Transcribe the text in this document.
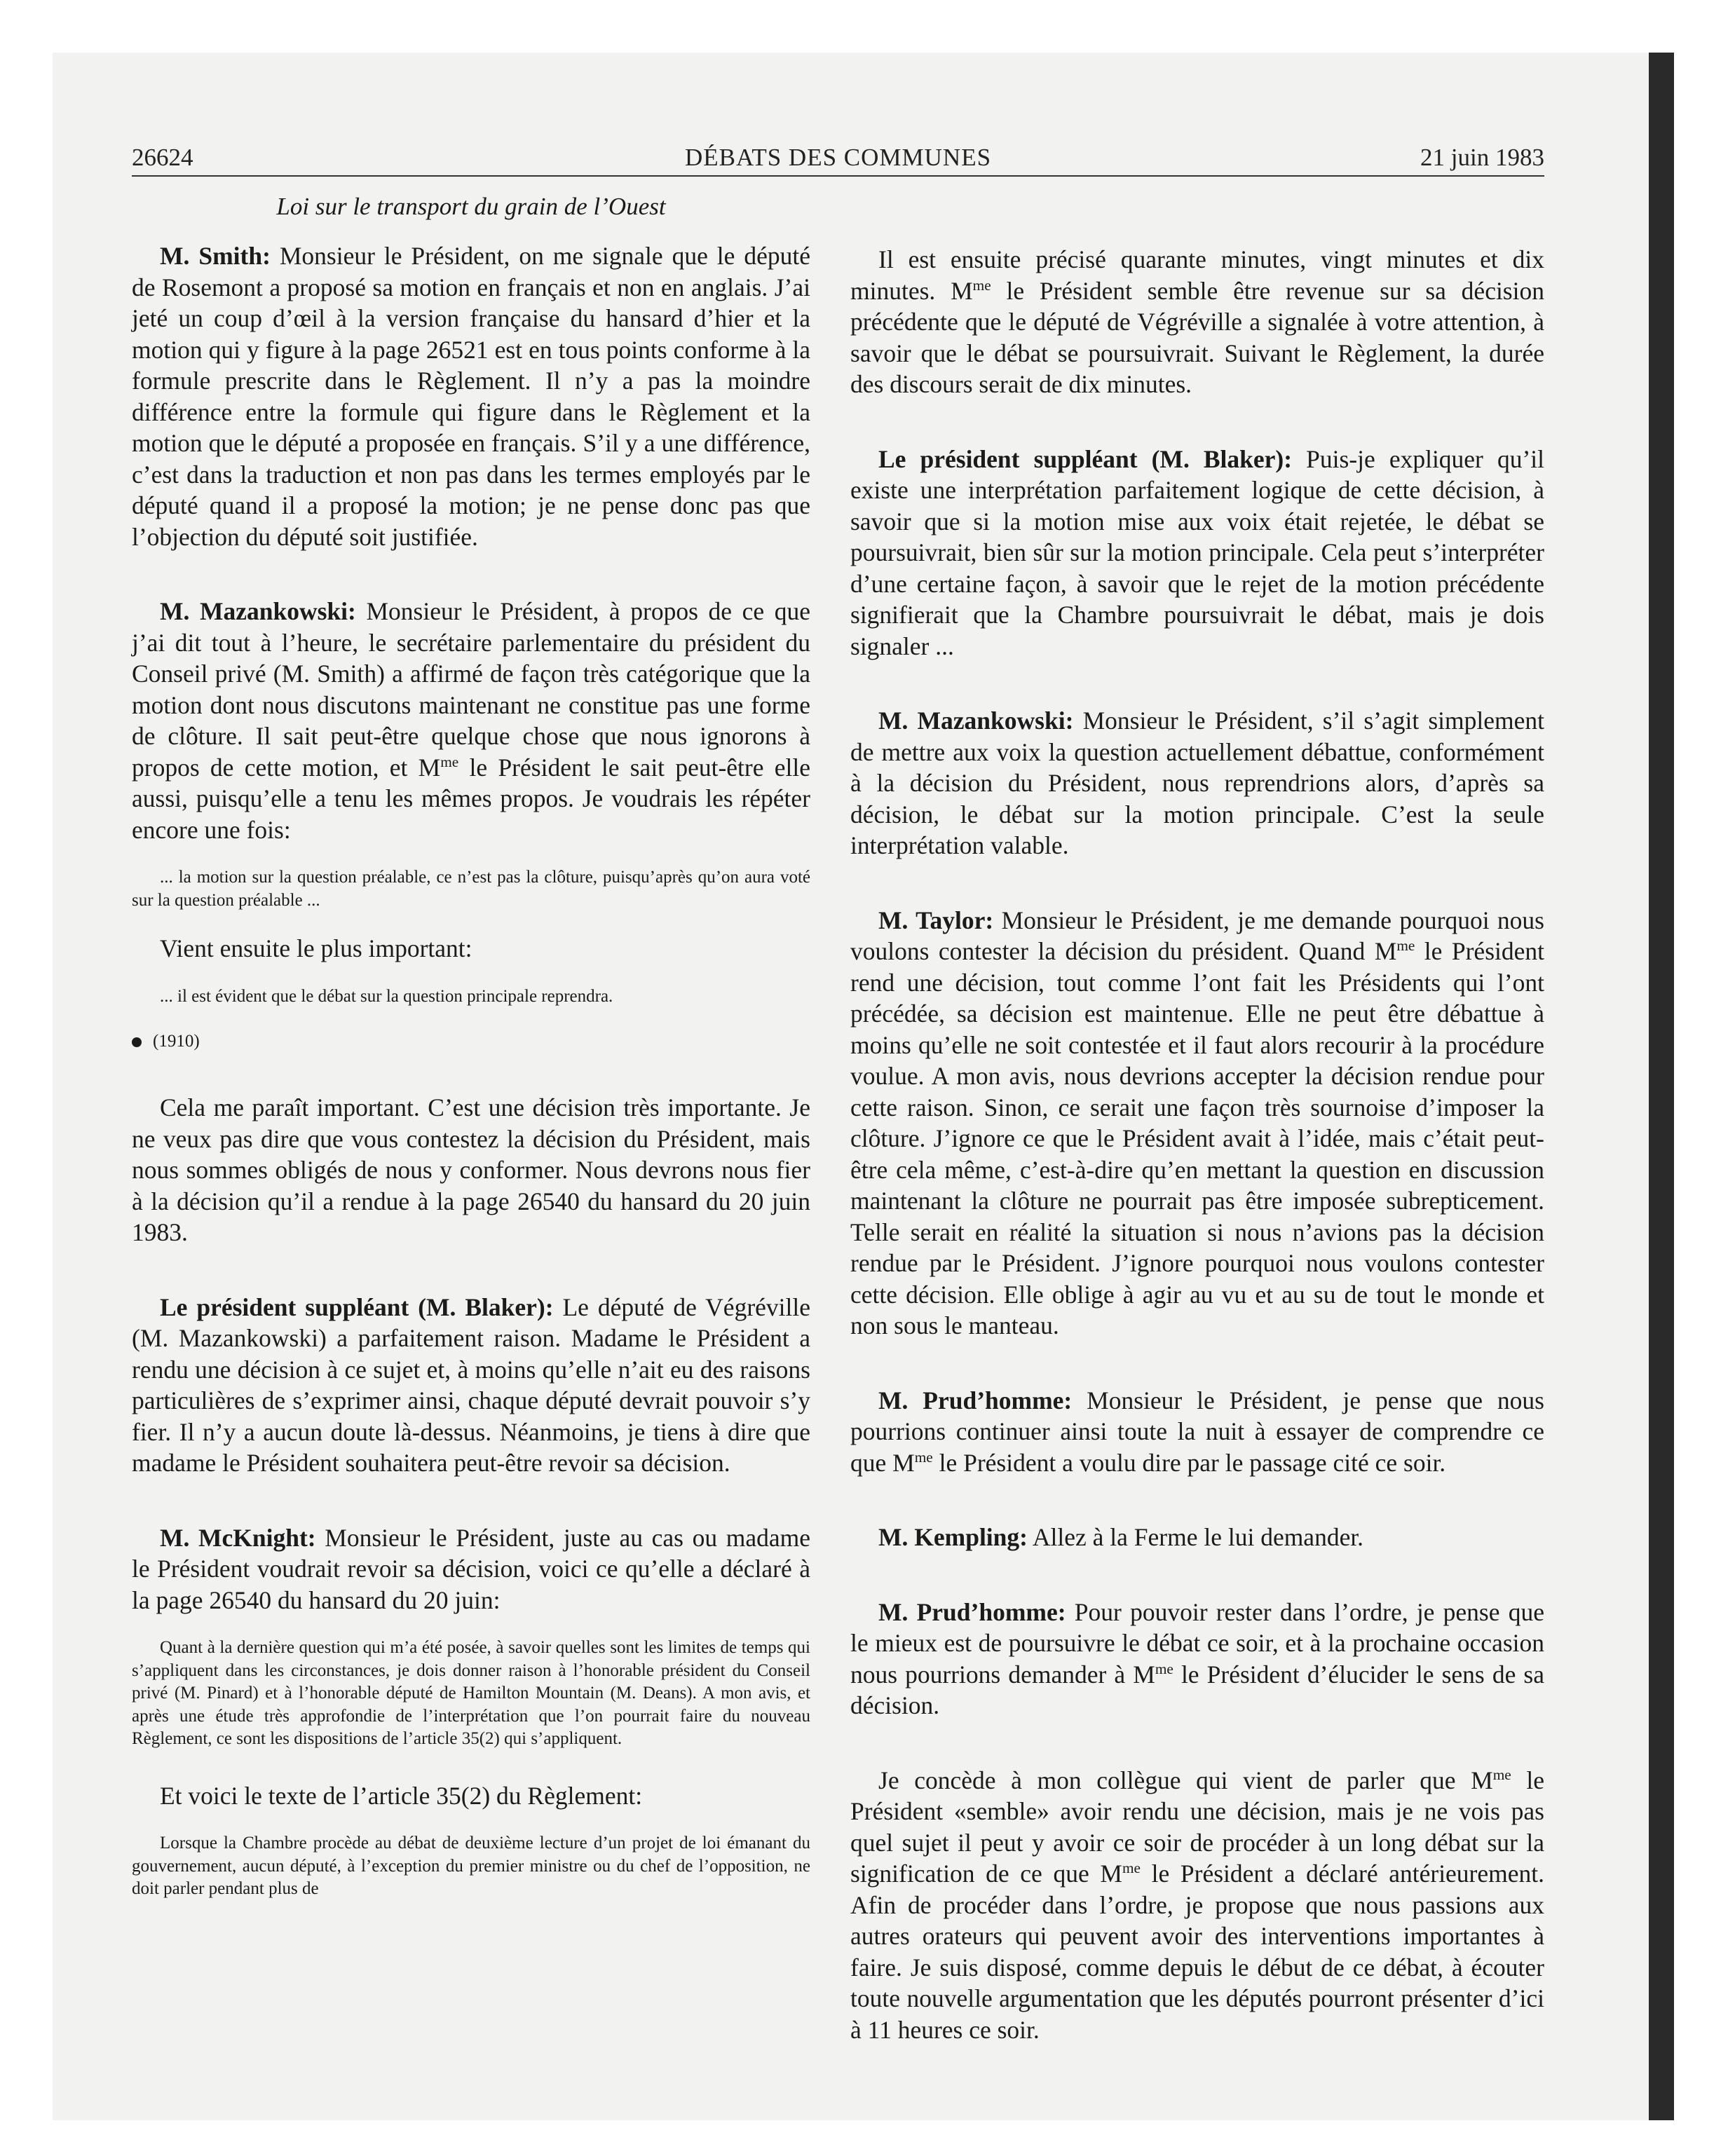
26624	DÉBATS DES COMMUNES	21 juin 1983
Loi sur le transport du grain de l’Ouest

M. Smith: Monsieur le Président, on me signale que le député de Rosemont a proposé sa motion en français et non en anglais. J’ai jeté un coup d’œil à la version française du hansard d’hier et la motion qui y figure à la page 26521 est en tous points conforme à la formule prescrite dans le Règlement. Il n’y a pas la moindre différence entre la formule qui figure dans le Règlement et la motion que le député a proposée en français. S’il y a une différence, c’est dans la traduction et non pas dans les termes employés par le député quand il a proposé la motion; je ne pense donc pas que l’objection du député soit justifiée.

M. Mazankowski: Monsieur le Président, à propos de ce que j’ai dit tout à l’heure, le secrétaire parlementaire du président du Conseil privé (M. Smith) a affirmé de façon très catégorique que la motion dont nous discutons maintenant ne constitue pas une forme de clôture. Il sait peut-être quelque chose que nous ignorons à propos de cette motion, et $M^{me}$ le Président le sait peut-être elle aussi, puisqu’elle a tenu les mêmes propos. Je voudrais les répéter encore une fois:

... la motion sur la question préalable, ce n’est pas la clôture, puisqu’après qu’on aura voté sur la question préalable ...

Vient ensuite le plus important:

... il est évident que le débat sur la question principale reprendra.

(1910)

Cela me paraît important. C’est une décision très importante. Je ne veux pas dire que vous contestez la décision du Président, mais nous sommes obligés de nous y conformer. Nous devrons nous fier à la décision qu’il a rendue à la page 26540 du hansard du 20 juin 1983.

Le président suppléant (M. Blaker): Le député de Végréville (M. Mazankowski) a parfaitement raison. Madame le Président a rendu une décision à ce sujet et, à moins qu’elle n’ait eu des raisons particulières de s’exprimer ainsi, chaque député devrait pouvoir s’y fier. Il n’y a aucun doute là-dessus. Néanmoins, je tiens à dire que madame le Président souhaitera peut-être revoir sa décision.

M. McKnight: Monsieur le Président, juste au cas ou madame le Président voudrait revoir sa décision, voici ce qu’elle a déclaré à la page 26540 du hansard du 20 juin:

Quant à la dernière question qui m’a été posée, à savoir quelles sont les limites de temps qui s’appliquent dans les circonstances, je dois donner raison à l’honorable président du Conseil privé (M. Pinard) et à l’honorable député de Hamilton Mountain (M. Deans). A mon avis, et après une étude très approfondie de l’interprétation que l’on pourrait faire du nouveau Règlement, ce sont les dispositions de l’article 35(2) qui s’appliquent.

Et voici le texte de l’article 35(2) du Règlement:

Lorsque la Chambre procède au débat de deuxième lecture d’un projet de loi émanant du gouvernement, aucun député, à l’exception du premier ministre ou du chef de l’opposition, ne doit parler pendant plus de

Il est ensuite précisé quarante minutes, vingt minutes et dix minutes. $M^{me}$ le Président semble être revenue sur sa décision précédente que le député de Végréville a signalée à votre attention, à savoir que le débat se poursuivrait. Suivant le Règlement, la durée des discours serait de dix minutes.

Le président suppléant (M. Blaker): Puis-je expliquer qu’il existe une interprétation parfaitement logique de cette décision, à savoir que si la motion mise aux voix était rejetée, le débat se poursuivrait, bien sûr sur la motion principale. Cela peut s’interpréter d’une certaine façon, à savoir que le rejet de la motion précédente signifierait que la Chambre poursuivrait le débat, mais je dois signaler ...

M. Mazankowski: Monsieur le Président, s’il s’agit simplement de mettre aux voix la question actuellement débattue, conformément à la décision du Président, nous reprendrions alors, d’après sa décision, le débat sur la motion principale. C’est la seule interprétation valable.

M. Taylor: Monsieur le Président, je me demande pourquoi nous voulons contester la décision du président. Quand $M^{me}$ le Président rend une décision, tout comme l’ont fait les Présidents qui l’ont précédée, sa décision est maintenue. Elle ne peut être débattue à moins qu’elle ne soit contestée et il faut alors recourir à la procédure voulue. A mon avis, nous devrions accepter la décision rendue pour cette raison. Sinon, ce serait une façon très sournoise d’imposer la clôture. J’ignore ce que le Président avait à l’idée, mais c’était peut-être cela même, c’est-à-dire qu’en mettant la question en discussion maintenant la clôture ne pourrait pas être imposée subrepticement. Telle serait en réalité la situation si nous n’avions pas la décision rendue par le Président. J’ignore pourquoi nous voulons contester cette décision. Elle oblige à agir au vu et au su de tout le monde et non sous le manteau.

M. Prud’homme: Monsieur le Président, je pense que nous pourrions continuer ainsi toute la nuit à essayer de comprendre ce que $M^{me}$ le Président a voulu dire par le passage cité ce soir.

M. Kempling: Allez à la Ferme le lui demander.

M. Prud’homme: Pour pouvoir rester dans l’ordre, je pense que le mieux est de poursuivre le débat ce soir, et à la prochaine occasion nous pourrions demander à $M^{me}$ le Président d’élucider le sens de sa décision.

Je concède à mon collègue qui vient de parler que $M^{me}$ le Président «semble» avoir rendu une décision, mais je ne vois pas quel sujet il peut y avoir ce soir de procéder à un long débat sur la signification de ce que $M^{me}$ le Président a déclaré antérieurement. Afin de procéder dans l’ordre, je propose que nous passions aux autres orateurs qui peuvent avoir des interventions importantes à faire. Je suis disposé, comme depuis le début de ce débat, à écouter toute nouvelle argumentation que les députés pourront présenter d’ici à 11 heures ce soir.
